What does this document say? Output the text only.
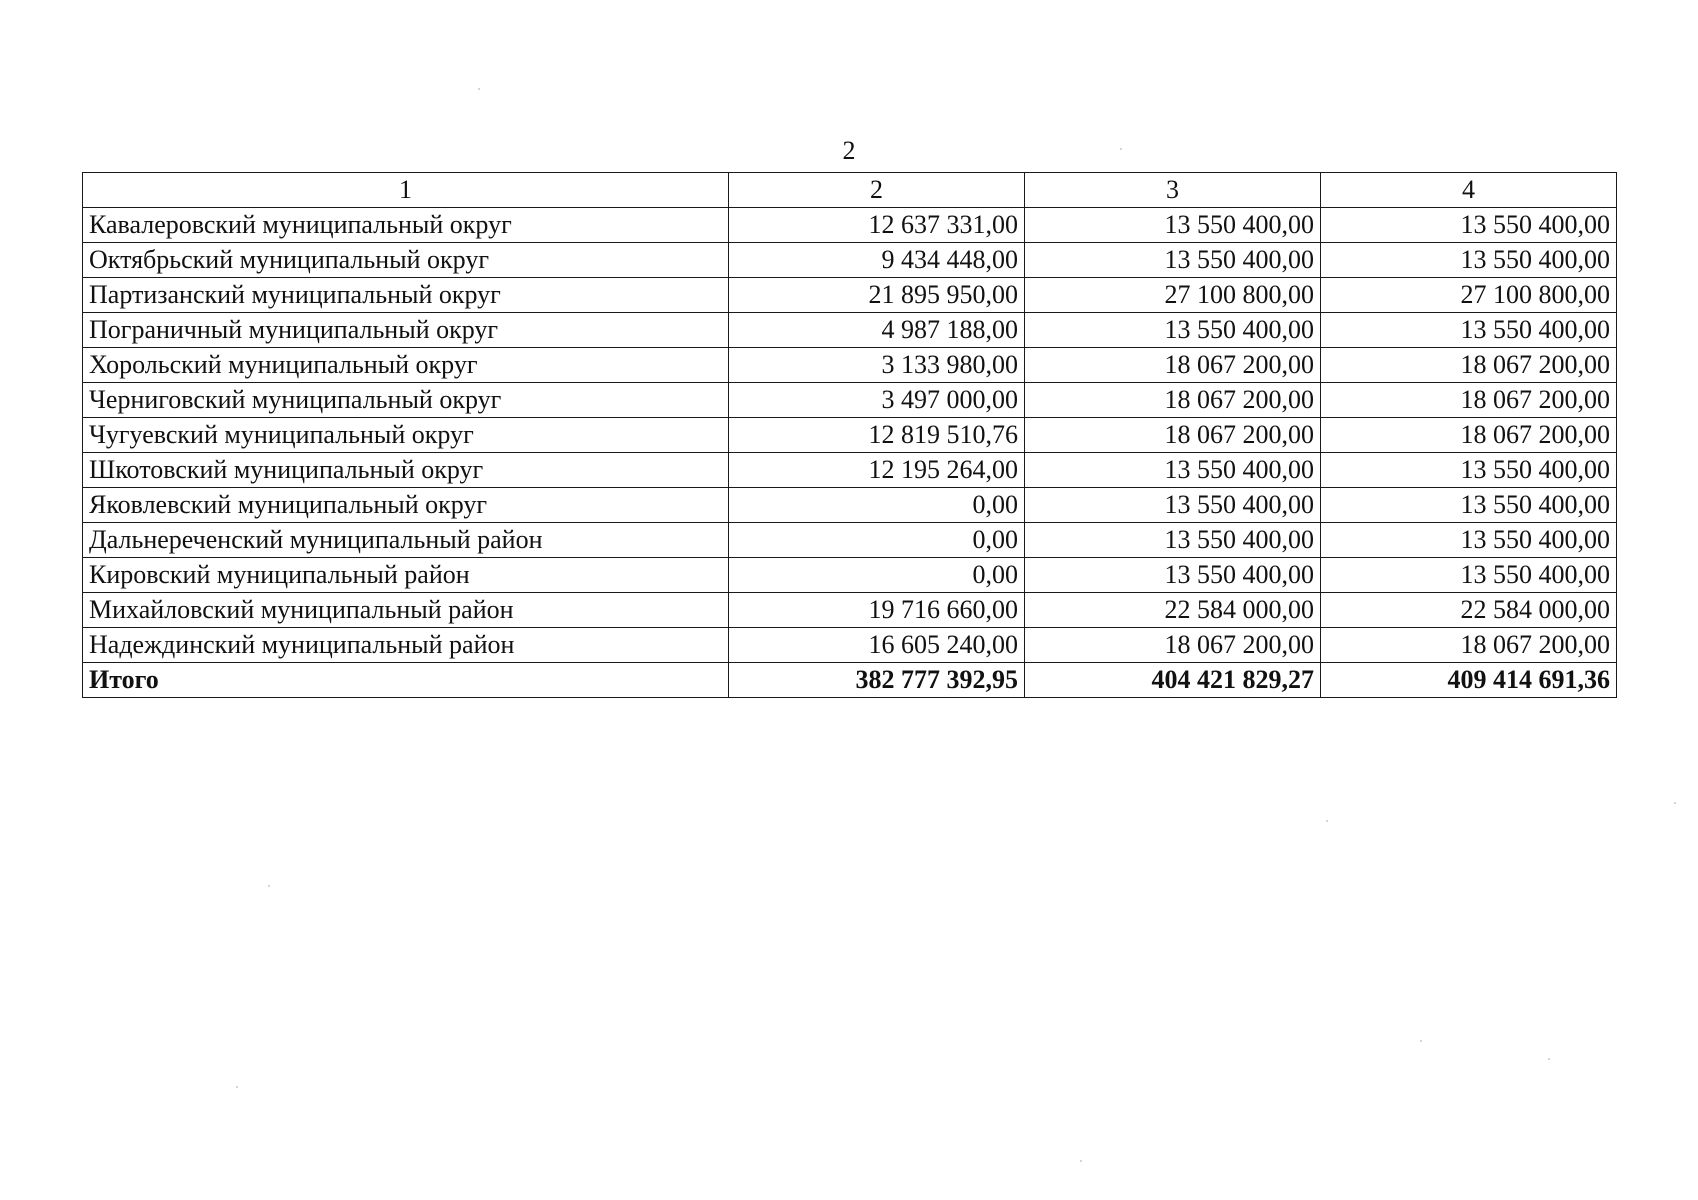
2
1	2	3	4
Кавалеровский муниципальный округ	12 637 331,00	13 550 400,00	13 550 400,00
Октябрьский муниципальный округ	9 434 448,00	13 550 400,00	13 550 400,00
Партизанский муниципальный округ	21 895 950,00	27 100 800,00	27 100 800,00
Пограничный муниципальный округ	4 987 188,00	13 550 400,00	13 550 400,00
Хорольский муниципальный округ	3 133 980,00	18 067 200,00	18 067 200,00
Черниговский муниципальный округ	3 497 000,00	18 067 200,00	18 067 200,00
Чугуевский муниципальный округ	12 819 510,76	18 067 200,00	18 067 200,00
Шкотовский муниципальный округ	12 195 264,00	13 550 400,00	13 550 400,00
Яковлевский муниципальный округ	0,00	13 550 400,00	13 550 400,00
Дальнереченский муниципальный район	0,00	13 550 400,00	13 550 400,00
Кировский муниципальный район	0,00	13 550 400,00	13 550 400,00
Михайловский муниципальный район	19 716 660,00	22 584 000,00	22 584 000,00
Надеждинский муниципальный район	16 605 240,00	18 067 200,00	18 067 200,00
Итого	382 777 392,95	404 421 829,27	409 414 691,36
